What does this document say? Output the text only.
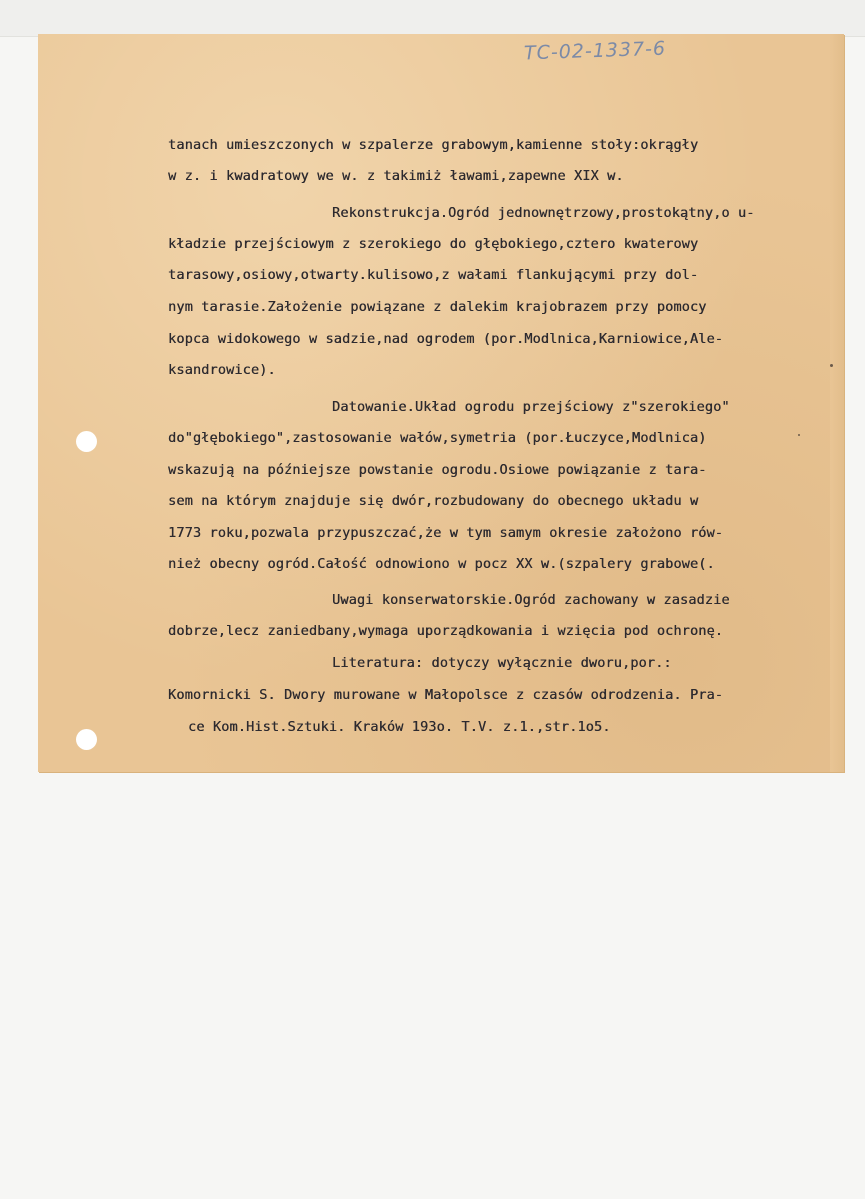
TC-02-1337-6
tanach umieszczonych w szpalerze grabowym,kamienne stoły:okrągły
w z. i kwadratowy we w. z takimiż ławami,zapewne XIX w.
Rekonstrukcja.Ogród jednownętrzowy,prostokątny,o u-
kładzie przejściowym z szerokiego do głębokiego,cztero kwaterowy
tarasowy,osiowy,otwarty.kulisowo,z wałami flankującymi przy dol-
nym tarasie.Założenie powiązane z dalekim krajobrazem przy pomocy
kopca widokowego w sadzie,nad ogrodem (por.Modlnica,Karniowice,Ale-
ksandrowice).
Datowanie.Układ ogrodu przejściowy z"szerokiego"
do"głębokiego",zastosowanie wałów,symetria (por.Łuczyce,Modlnica)
wskazują na późniejsze powstanie ogrodu.Osiowe powiązanie z tara-
sem na którym znajduje się dwór,rozbudowany do obecnego układu w
1773 roku,pozwala przypuszczać,że w tym samym okresie założono rów-
nież obecny ogród.Całość odnowiono w pocz XX w.(szpalery grabowe(.
Uwagi konserwatorskie.Ogród zachowany w zasadzie
dobrze,lecz zaniedbany,wymaga uporządkowania i wzięcia pod ochronę.
Literatura: dotyczy wyłącznie dworu,por.:
Komornicki S. Dwory murowane w Małopolsce z czasów odrodzenia. Pra-
ce Kom.Hist.Sztuki. Kraków 193o. T.V. z.1.,str.1o5.
